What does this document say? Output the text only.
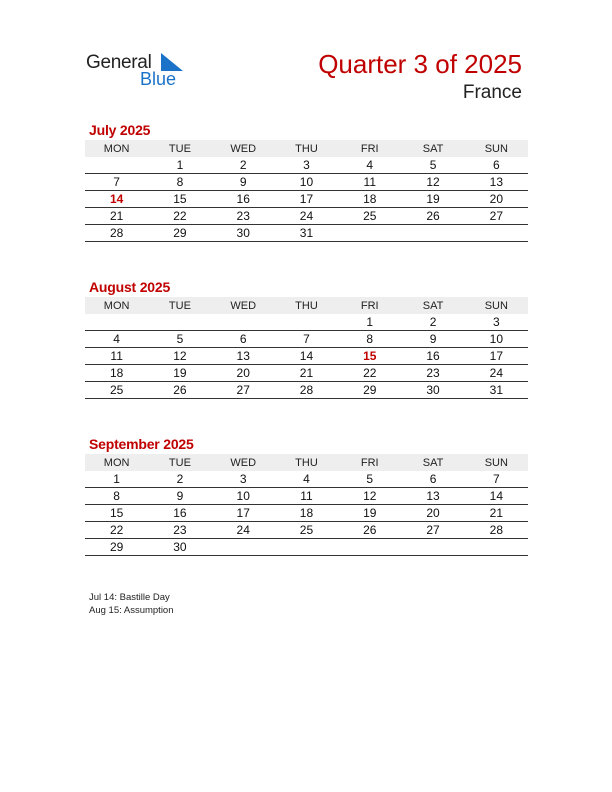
General
Blue	Quarter 3 of 2025
France
July 2025
MON	TUE	WED	THU	FRI	SAT	SUN
	1	2	3	4	5	6
7	8	9	10	11	12	13
14	15	16	17	18	19	20
21	22	23	24	25	26	27
28	29	30	31			
August 2025
MON	TUE	WED	THU	FRI	SAT	SUN
				1	2	3
4	5	6	7	8	9	10
11	12	13	14	15	16	17
18	19	20	21	22	23	24
25	26	27	28	29	30	31
September 2025
MON	TUE	WED	THU	FRI	SAT	SUN
1	2	3	4	5	6	7
8	9	10	11	12	13	14
15	16	17	18	19	20	21
22	23	24	25	26	27	28
29	30					
Jul 14: Bastille Day
Aug 15: Assumption
